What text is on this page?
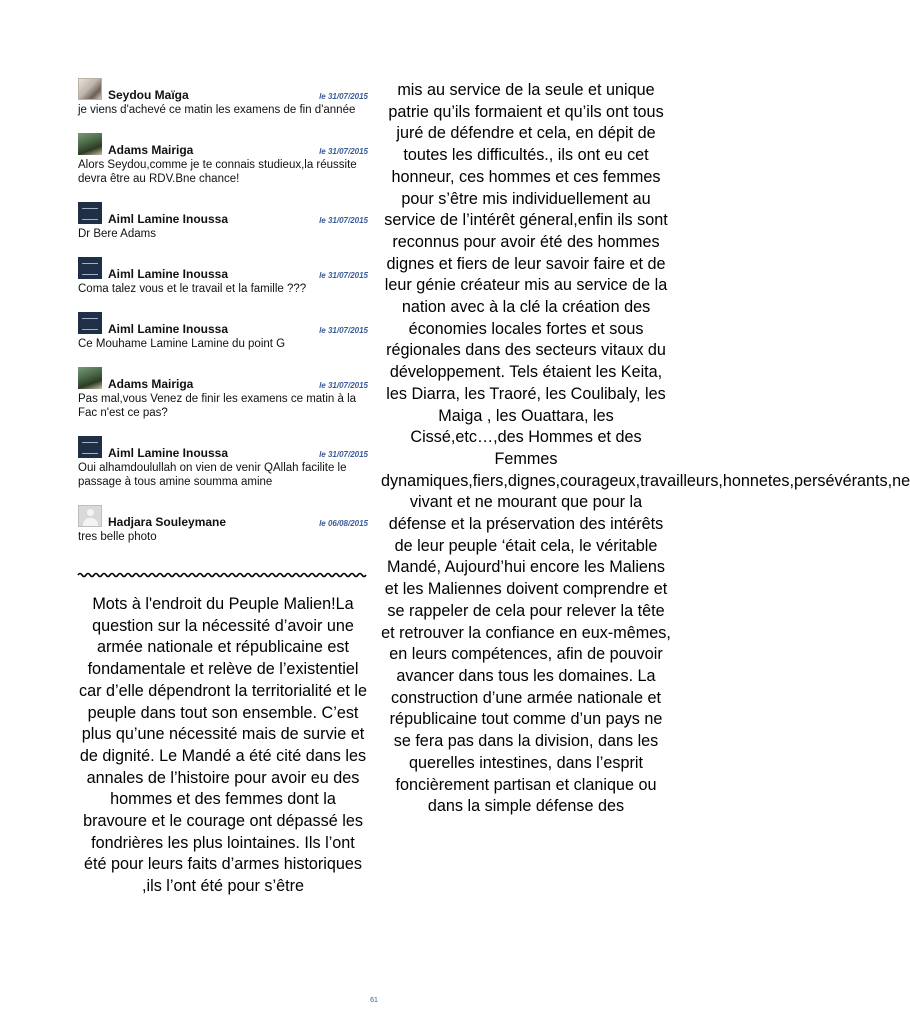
Seydou Maïga	le 31/07/2015
je viens d'achevé ce matin les examens de fin d'année
Adams Mairiga	le 31/07/2015
Alors Seydou,comme je te connais studieux,la réussite devra être au RDV.Bne chance!
Aiml Lamine Inoussa	le 31/07/2015
Dr Bere Adams
Aiml Lamine Inoussa	le 31/07/2015
Coma talez vous et le travail et la famille ???
Aiml Lamine Inoussa	le 31/07/2015
Ce Mouhame Lamine Lamine du point G
Adams Mairiga	le 31/07/2015
Pas mal,vous Venez de finir les examens ce matin à la Fac n'est ce pas?
Aiml Lamine Inoussa	le 31/07/2015
Oui alhamdoulullah on vien de venir QAllah facilite le passage à tous amine soumma amine
Hadjara Souleymane	le 06/08/2015
tres belle photo
Mots à l'endroit du Peuple Malien!La question sur la nécessité d’avoir une armée nationale et républicaine est fondamentale et relève de l’existentiel car d’elle dépendront la territorialité et le peuple dans tout son ensemble. C’est plus qu’une nécessité mais de survie et de dignité. Le Mandé a été cité dans les annales de l’histoire pour avoir eu des hommes et des femmes dont la bravoure et le courage ont dépassé les fondrières les plus lointaines. Ils l’ont été pour leurs faits d’armes historiques ,ils l’ont été pour s’être
mis au service de la seule et unique patrie qu’ils formaient et qu’ils ont tous juré de défendre et cela, en dépit de toutes les difficultés., ils ont eu cet honneur, ces hommes et ces femmes pour s’être mis individuellement au service de l’intérêt géneral,enfin ils sont reconnus pour avoir été des hommes dignes et fiers de leur savoir faire et de leur génie créateur mis au service de la nation avec à la clé la création des économies locales fortes et sous régionales dans des secteurs vitaux du développement. Tels étaient les Keita, les Diarra, les Traoré, les Coulibaly, les Maiga , les Ouattara, les Cissé,etc…,des Hommes et des Femmes dynamiques,fiers,dignes,courageux,travailleurs,honnetes,persévérants,ne vivant et ne mourant que pour la défense et la préservation des intérêts de leur peuple ‘était cela, le véritable Mandé, Aujourd’hui encore les Maliens et les Maliennes doivent comprendre et se rappeler de cela pour relever la tête et retrouver la confiance en eux-mêmes, en leurs compétences, afin de pouvoir avancer dans tous les domaines. La construction d’une armée nationale et républicaine tout comme d’un pays ne se fera pas dans la division, dans les querelles intestines, dans l’esprit foncièrement partisan et clanique ou dans la simple défense des
61
